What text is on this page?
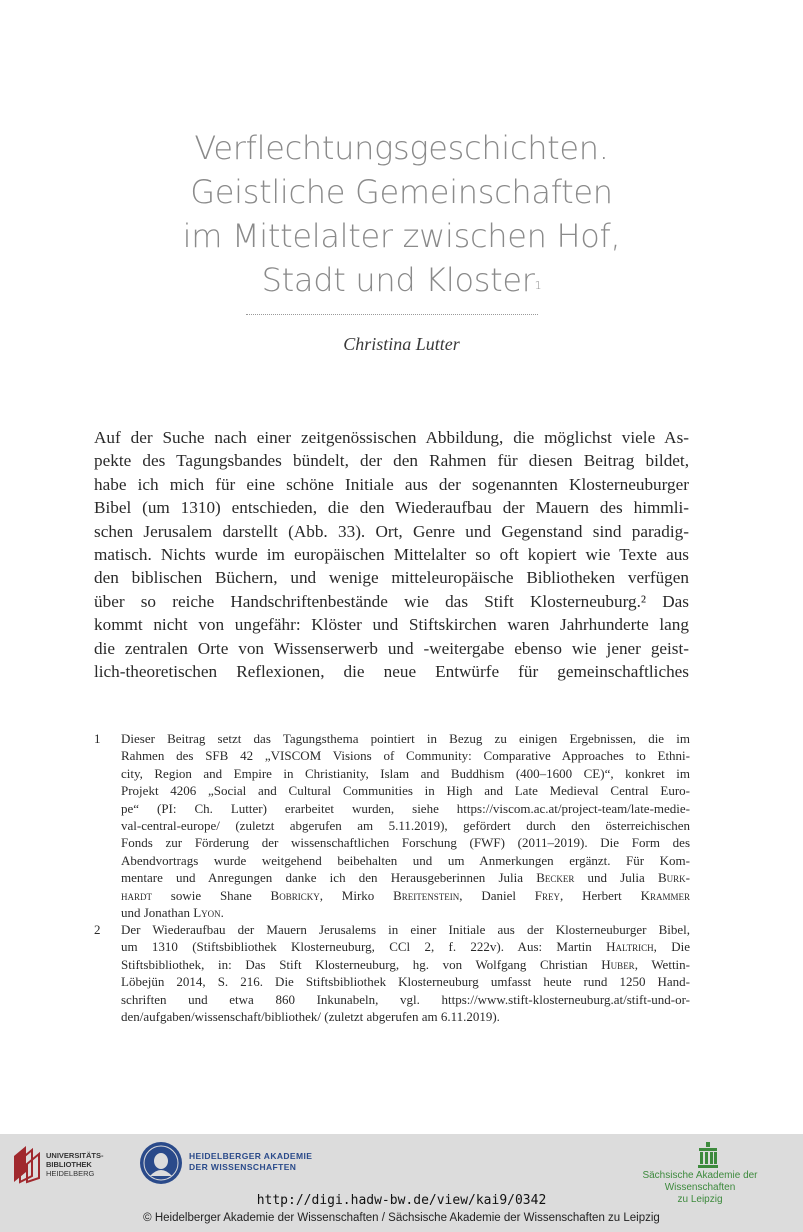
Verflechtungsgeschichten.
Geistliche Gemeinschaften
im Mittelalter zwischen Hof,
Stadt und Kloster$^1$
Christina Lutter
Auf der Suche nach einer zeitgenössischen Abbildung, die möglichst viele As-
pekte des Tagungsbandes bündelt, der den Rahmen für diesen Beitrag bildet,
habe ich mich für eine schöne Initiale aus der sogenannten Klosterneuburger
Bibel (um 1310) entschieden, die den Wiederaufbau der Mauern des himmli-
schen Jerusalem darstellt (Abb. 33). Ort, Genre und Gegenstand sind paradig-
matisch. Nichts wurde im europäischen Mittelalter so oft kopiert wie Texte aus
den biblischen Büchern, und wenige mitteleuropäische Bibliotheken verfügen
über so reiche Handschriftenbestände wie das Stift Klosterneuburg.² Das
kommt nicht von ungefähr: Klöster und Stiftskirchen waren Jahrhunderte lang
die zentralen Orte von Wissenserwerb und -weitergabe ebenso wie jener geist-
lich-theoretischen Reflexionen, die neue Entwürfe für gemeinschaftliches
1 Dieser Beitrag setzt das Tagungsthema pointiert in Bezug zu einigen Ergebnissen, die im
Rahmen des SFB 42 „VISCOM Visions of Community: Comparative Approaches to Ethni-
city, Region and Empire in Christianity, Islam and Buddhism (400–1600 CE)“, konkret im
Projekt 4206 „Social and Cultural Communities in High and Late Medieval Central Euro-
pe“ (PI: Ch. Lutter) erarbeitet wurden, siehe https://viscom.ac.at/project-team/late-medie-
val-central-europe/ (zuletzt abgerufen am 5.11.2019), gefördert durch den österreichischen
Fonds zur Förderung der wissenschaftlichen Forschung (FWF) (2011–2019). Die Form des
Abendvortrags wurde weitgehend beibehalten und um Anmerkungen ergänzt. Für Kom-
mentare und Anregungen danke ich den Herausgeberinnen Julia Becker und Julia Burk-
hardt sowie Shane Bobricky, Mirko Breitenstein, Daniel Frey, Herbert Krammer
und Jonathan Lyon.
2 Der Wiederaufbau der Mauern Jerusalems in einer Initiale aus der Klosterneuburger Bibel,
um 1310 (Stiftsbibliothek Klosterneuburg, CCl 2, f. 222v). Aus: Martin Haltrich, Die
Stiftsbibliothek, in: Das Stift Klosterneuburg, hg. von Wolfgang Christian Huber, Wettin-
Löbejün 2014, S. 216. Die Stiftsbibliothek Klosterneuburg umfasst heute rund 1250 Hand-
schriften und etwa 860 Inkunabeln, vgl. https://www.stift-klosterneuburg.at/stift-und-or-
den/aufgaben/wissenschaft/bibliothek/ (zuletzt abgerufen am 6.11.2019).
UNIVERSITÄTS-
BIBLIOTHEK
HEIDELBERG
HEIDELBERGER AKADEMIE
DER WISSENSCHAFTEN
Sächsische Akademie der Wissenschaften
zu Leipzig
http://digi.hadw-bw.de/view/kai9/0342
© Heidelberger Akademie der Wissenschaften / Sächsische Akademie der Wissenschaften zu Leipzig
